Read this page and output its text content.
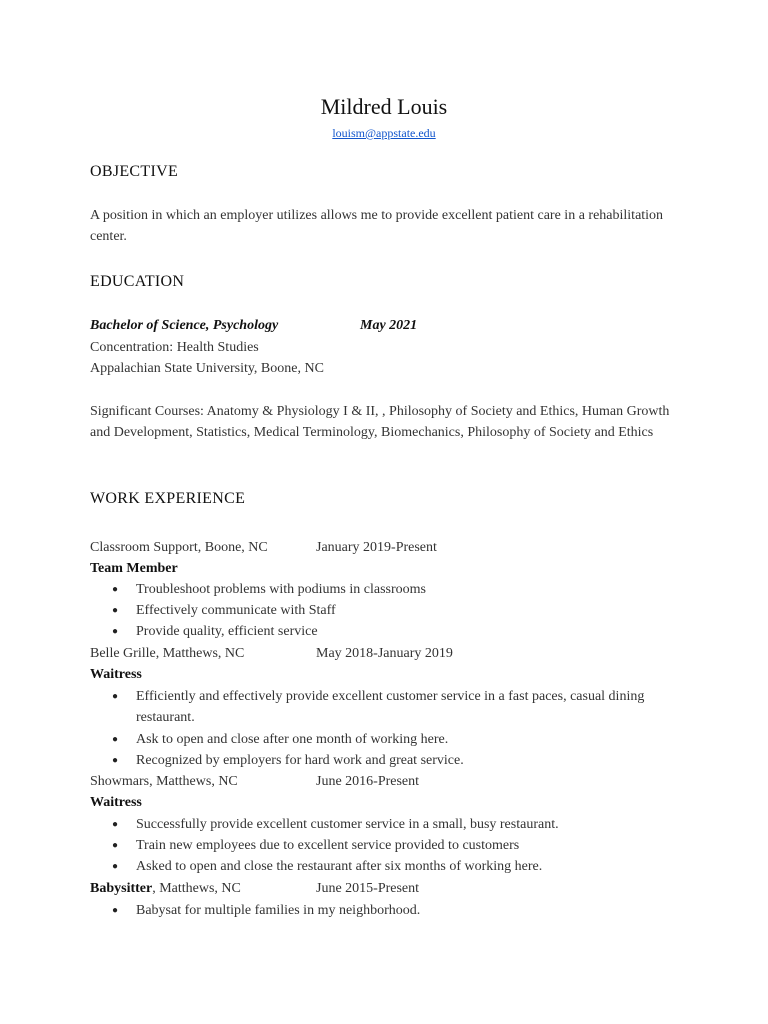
Mildred Louis
louism@appstate.edu
OBJECTIVE
A position in which an employer utilizes allows me to provide excellent patient care in a rehabilitation center.
EDUCATION
Bachelor of Science, Psychology	May 2021
Concentration: Health Studies
Appalachian State University, Boone, NC
Significant Courses: Anatomy & Physiology I & II, , Philosophy of Society and Ethics, Human Growth and Development, Statistics, Medical Terminology, Biomechanics, Philosophy of Society and Ethics
WORK EXPERIENCE
Classroom Support, Boone, NC	January 2019-Present
Team Member
● Troubleshoot problems with podiums in classrooms
● Effectively communicate with Staff
● Provide quality, efficient service
Belle Grille, Matthews, NC	May 2018-January 2019
Waitress
● Efficiently and effectively provide excellent customer service in a fast paces, casual dining restaurant.
● Ask to open and close after one month of working here.
● Recognized by employers for hard work and great service.
Showmars, Matthews, NC	June 2016-Present
Waitress
● Successfully provide excellent customer service in a small, busy restaurant.
● Train new employees due to excellent service provided to customers
● Asked to open and close the restaurant after six months of working here.
Babysitter, Matthews, NC	June 2015-Present
● Babysat for multiple families in my neighborhood.
